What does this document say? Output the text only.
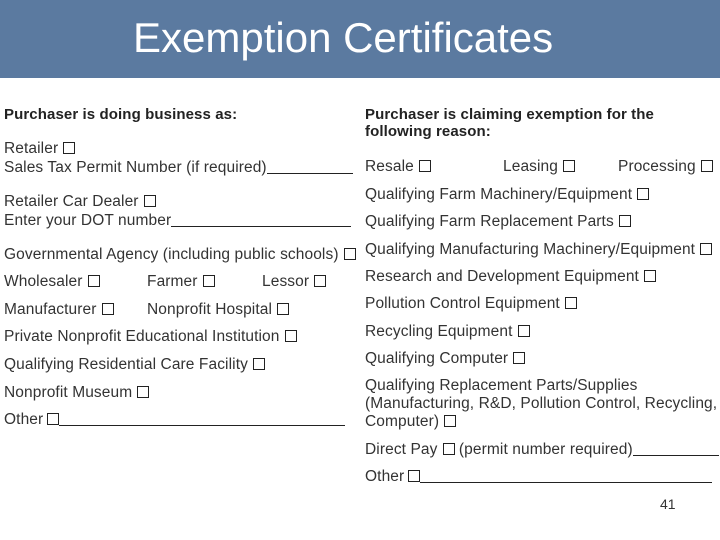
Exemption Certificates
Purchaser is doing business as:
Retailer
Sales Tax Permit Number (if required)
Retailer Car Dealer
Enter your DOT number
Governmental Agency (including public schools)
Wholesaler	Farmer	Lessor
Manufacturer	Nonprofit Hospital
Private Nonprofit Educational Institution
Qualifying Residential Care Facility
Nonprofit Museum
Other
Purchaser is claiming exemption for the
following reason:
Resale	Leasing	Processing
Qualifying Farm Machinery/Equipment
Qualifying Farm Replacement Parts
Qualifying Manufacturing Machinery/Equipment
Research and Development Equipment
Pollution Control Equipment
Recycling Equipment
Qualifying Computer
Qualifying Replacement Parts/Supplies
(Manufacturing, R&D, Pollution Control, Recycling,
Computer)
Direct Pay (permit number required)
Other
41
